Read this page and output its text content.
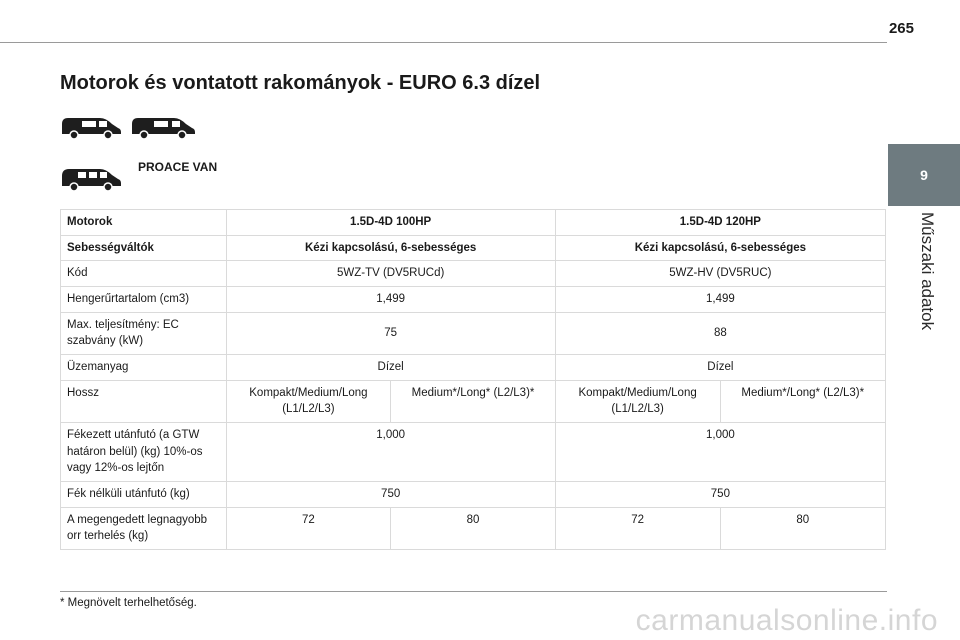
265
9
Műszaki adatok
Motorok és vontatott rakományok - EURO 6.3 dízel
PROACE VAN
Motorok	1.5D-4D 100HP		1.5D-4D 120HP	
Sebességváltók	Kézi kapcsolású, 6-sebességes		Kézi kapcsolású, 6-sebességes	
Kód	5WZ-TV (DV5RUCd)		5WZ-HV (DV5RUC)	
Hengerűrtartalom (cm3)	1,499		1,499	
Max. teljesítmény: EC szabvány (kW)	75		88	
Üzemanyag	Dízel		Dízel	
Hossz	Kompakt/Medium/Long (L1/L2/L3)	Medium*/Long* (L2/L3)*	Kompakt/Medium/Long (L1/L2/L3)	Medium*/Long* (L2/L3)*
Fékezett utánfutó (a GTW határon belül) (kg) 10%-os vagy 12%-os lejtőn	1,000		1,000	
Fék nélküli utánfutó (kg)	750		750	
A megengedett legnagyobb orr terhelés (kg)	72	80	72	80
* Megnövelt terhelhetőség.
carmanualsonline.info
